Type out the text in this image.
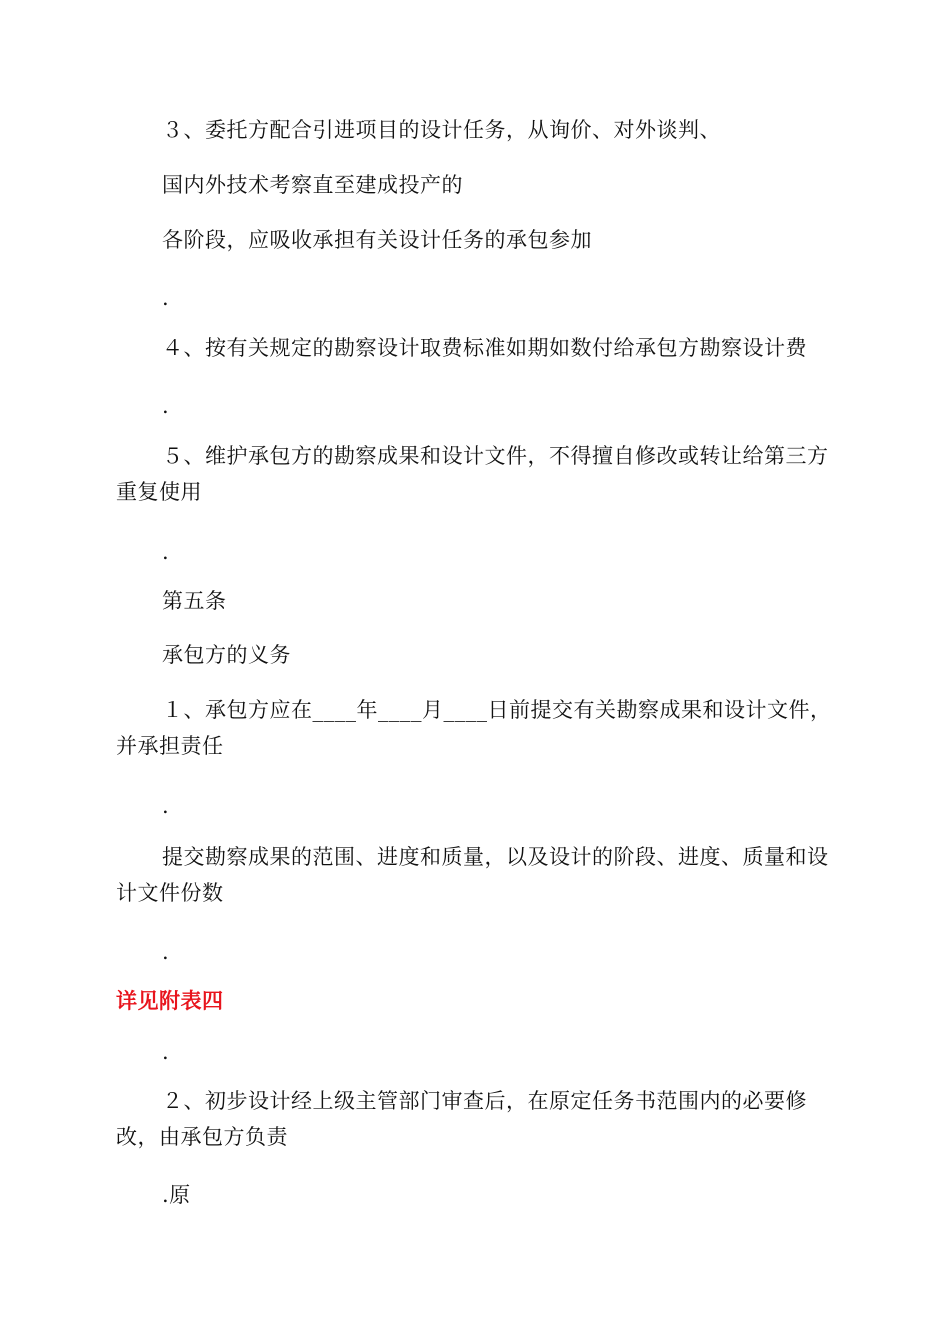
３、委托方配合引进项目的设计任务，从询价、对外谈判、
国内外技术考察直至建成投产的
各阶段，应吸收承担有关设计任务的承包参加
.
４、按有关规定的勘察设计取费标准如期如数付给承包方勘察设计费
.
５、维护承包方的勘察成果和设计文件，不得擅自修改或转让给第三方重复使用
.
第五条
承包方的义务
１、承包方应在____年____月____日前提交有关勘察成果和设计文件，并承担责任
.
提交勘察成果的范围、进度和质量，以及设计的阶段、进度、质量和设计文件份数
.
详见附表四
.
２、初步设计经上级主管部门审查后，在原定任务书范围内的必要修改，由承包方负责
.原
